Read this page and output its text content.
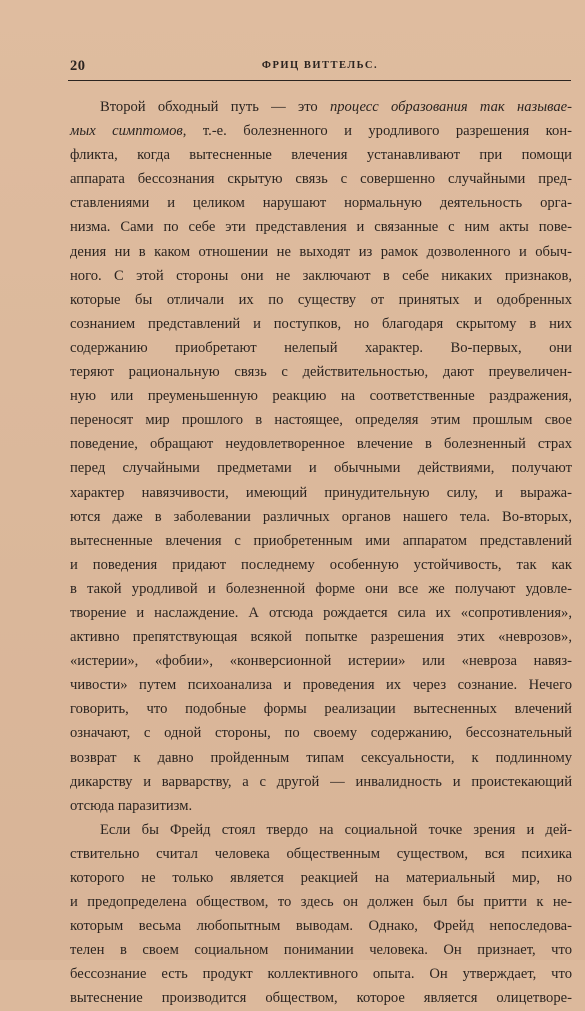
20	ФРИЦ ВИТТЕЛЬС.
Второй обходный путь — это процесс образования так называе-
мых симптомов, т.-е. болезненного и уродливого разрешения кон-
фликта, когда вытесненные влечения устанавливают при помощи
аппарата бессознания скрытую связь с совершенно случайными пред-
ставлениями и целиком нарушают нормальную деятельность орга-
низма. Сами по себе эти представления и связанные с ним акты пове-
дения ни в каком отношении не выходят из рамок дозволенного и обыч-
ного. С этой стороны они не заключают в себе никаких признаков,
которые бы отличали их по существу от принятых и одобренных
сознанием представлений и поступков, но благодаря скрытому в них
содержанию приобретают нелепый характер. Во-первых, они
теряют рациональную связь с действительностью, дают преувеличен-
ную или преуменьшенную реакцию на соответственные раздражения,
переносят мир прошлого в настоящее, определяя этим прошлым свое
поведение, обращают неудовлетворенное влечение в болезненный страх
перед случайными предметами и обычными действиями, получают
характер навязчивости, имеющий принудительную силу, и выража-
ются даже в заболевании различных органов нашего тела. Во-вторых,
вытесненные влечения с приобретенным ими аппаратом представлений
и поведения придают последнему особенную устойчивость, так как
в такой уродливой и болезненной форме они все же получают удовле-
творение и наслаждение. А отсюда рождается сила их «сопротивления»,
активно препятствующая всякой попытке разрешения этих «неврозов»,
«истерии», «фобии», «конверсионной истерии» или «невроза навяз-
чивости» путем психоанализа и проведения их через сознание. Нечего
говорить, что подобные формы реализации вытесненных влечений
означают, с одной стороны, по своему содержанию, бессознательный
возврат к давно пройденным типам сексуальности, к подлинному
дикарству и варварству, а с другой — инвалидность и проистекающий
отсюда паразитизм.
Если бы Фрейд стоял твердо на социальной точке зрения и дей-
ствительно считал человека общественным существом, вся психика
которого не только является реакцией на материальный мир, но
и предопределена обществом, то здесь он должен был бы притти к не-
которым весьма любопытным выводам. Однако, Фрейд непоследова-
телен в своем социальном понимании человека. Он признает, что
бессознание есть продукт коллективного опыта. Он утверждает, что
вытеснение производится обществом, которое является олицетворе-
